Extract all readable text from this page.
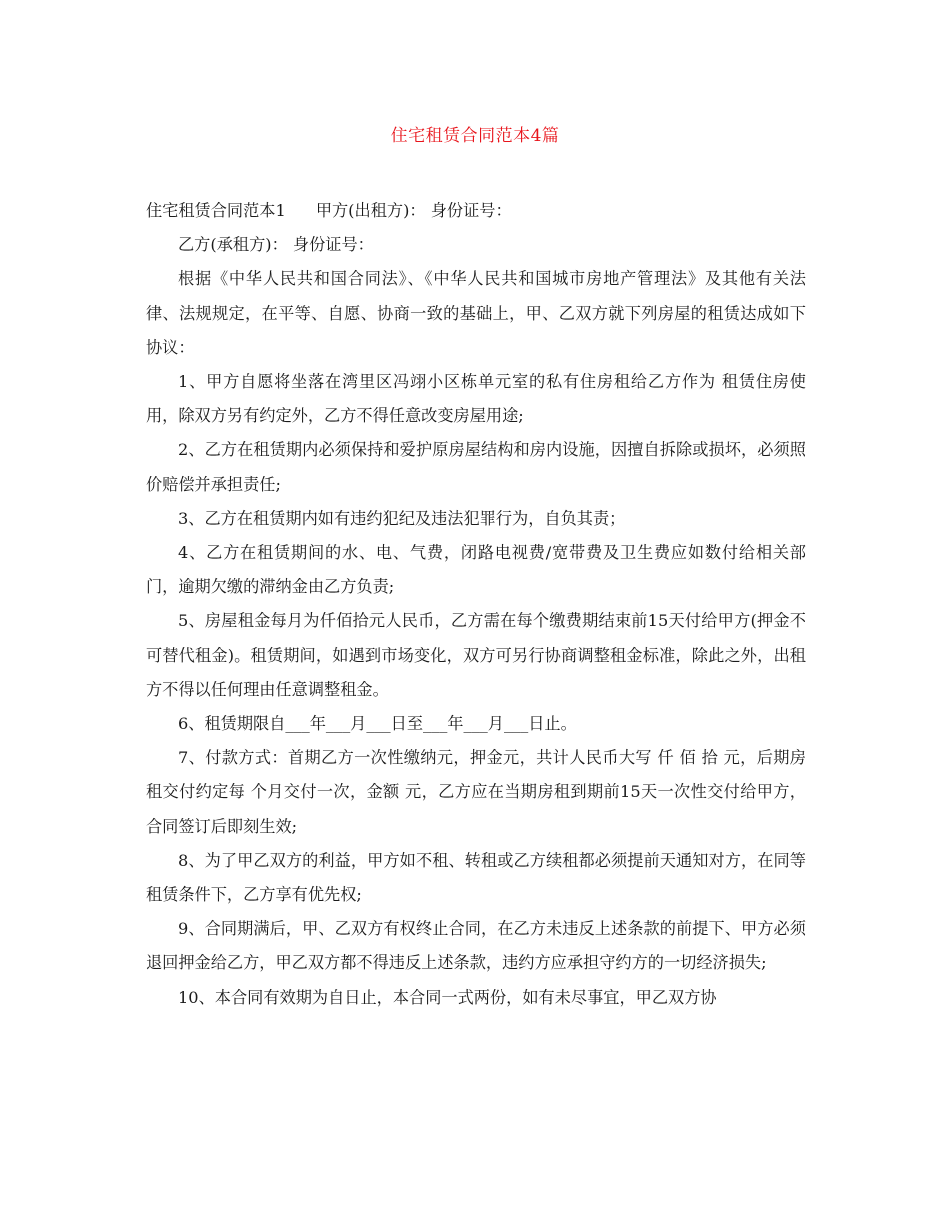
住宅租赁合同范本4篇

住宅租赁合同范本1 甲方(出租方)： 身份证号：

乙方(承租方)： 身份证号：

根据《中华人民共和国合同法》、《中华人民共和国城市房地产管理法》及其他有关法律、法规规定，在平等、自愿、协商一致的基础上，甲、乙双方就下列房屋的租赁达成如下协议：

1、甲方自愿将坐落在湾里区冯翊小区栋单元室的私有住房租给乙方作为 租赁住房使用，除双方另有约定外，乙方不得任意改变房屋用途;

2、乙方在租赁期内必须保持和爱护原房屋结构和房内设施，因擅自拆除或损坏，必须照价赔偿并承担责任;

3、乙方在租赁期内如有违约犯纪及违法犯罪行为，自负其责；

4、乙方在租赁期间的水、电、气费，闭路电视费/宽带费及卫生费应如数付给相关部门，逾期欠缴的滞纳金由乙方负责;

5、房屋租金每月为仟佰拾元人民币，乙方需在每个缴费期结束前15天付给甲方(押金不可替代租金)。租赁期间，如遇到市场变化，双方可另行协商调整租金标准，除此之外，出租方不得以任何理由任意调整租金。

6、租赁期限自___年___月___日至___年___月___日止。

7、付款方式：首期乙方一次性缴纳元，押金元，共计人民币大写 仟 佰 拾 元，后期房租交付约定每 个月交付一次，金额 元，乙方应在当期房租到期前15天一次性交付给甲方，合同签订后即刻生效;

8、为了甲乙双方的利益，甲方如不租、转租或乙方续租都必须提前天通知对方，在同等租赁条件下，乙方享有优先权;

9、合同期满后，甲、乙双方有权终止合同，在乙方未违反上述条款的前提下、甲方必须退回押金给乙方，甲乙双方都不得违反上述条款，违约方应承担守约方的一切经济损失;

10、本合同有效期为自日止，本合同一式两份，如有未尽事宜，甲乙双方协
